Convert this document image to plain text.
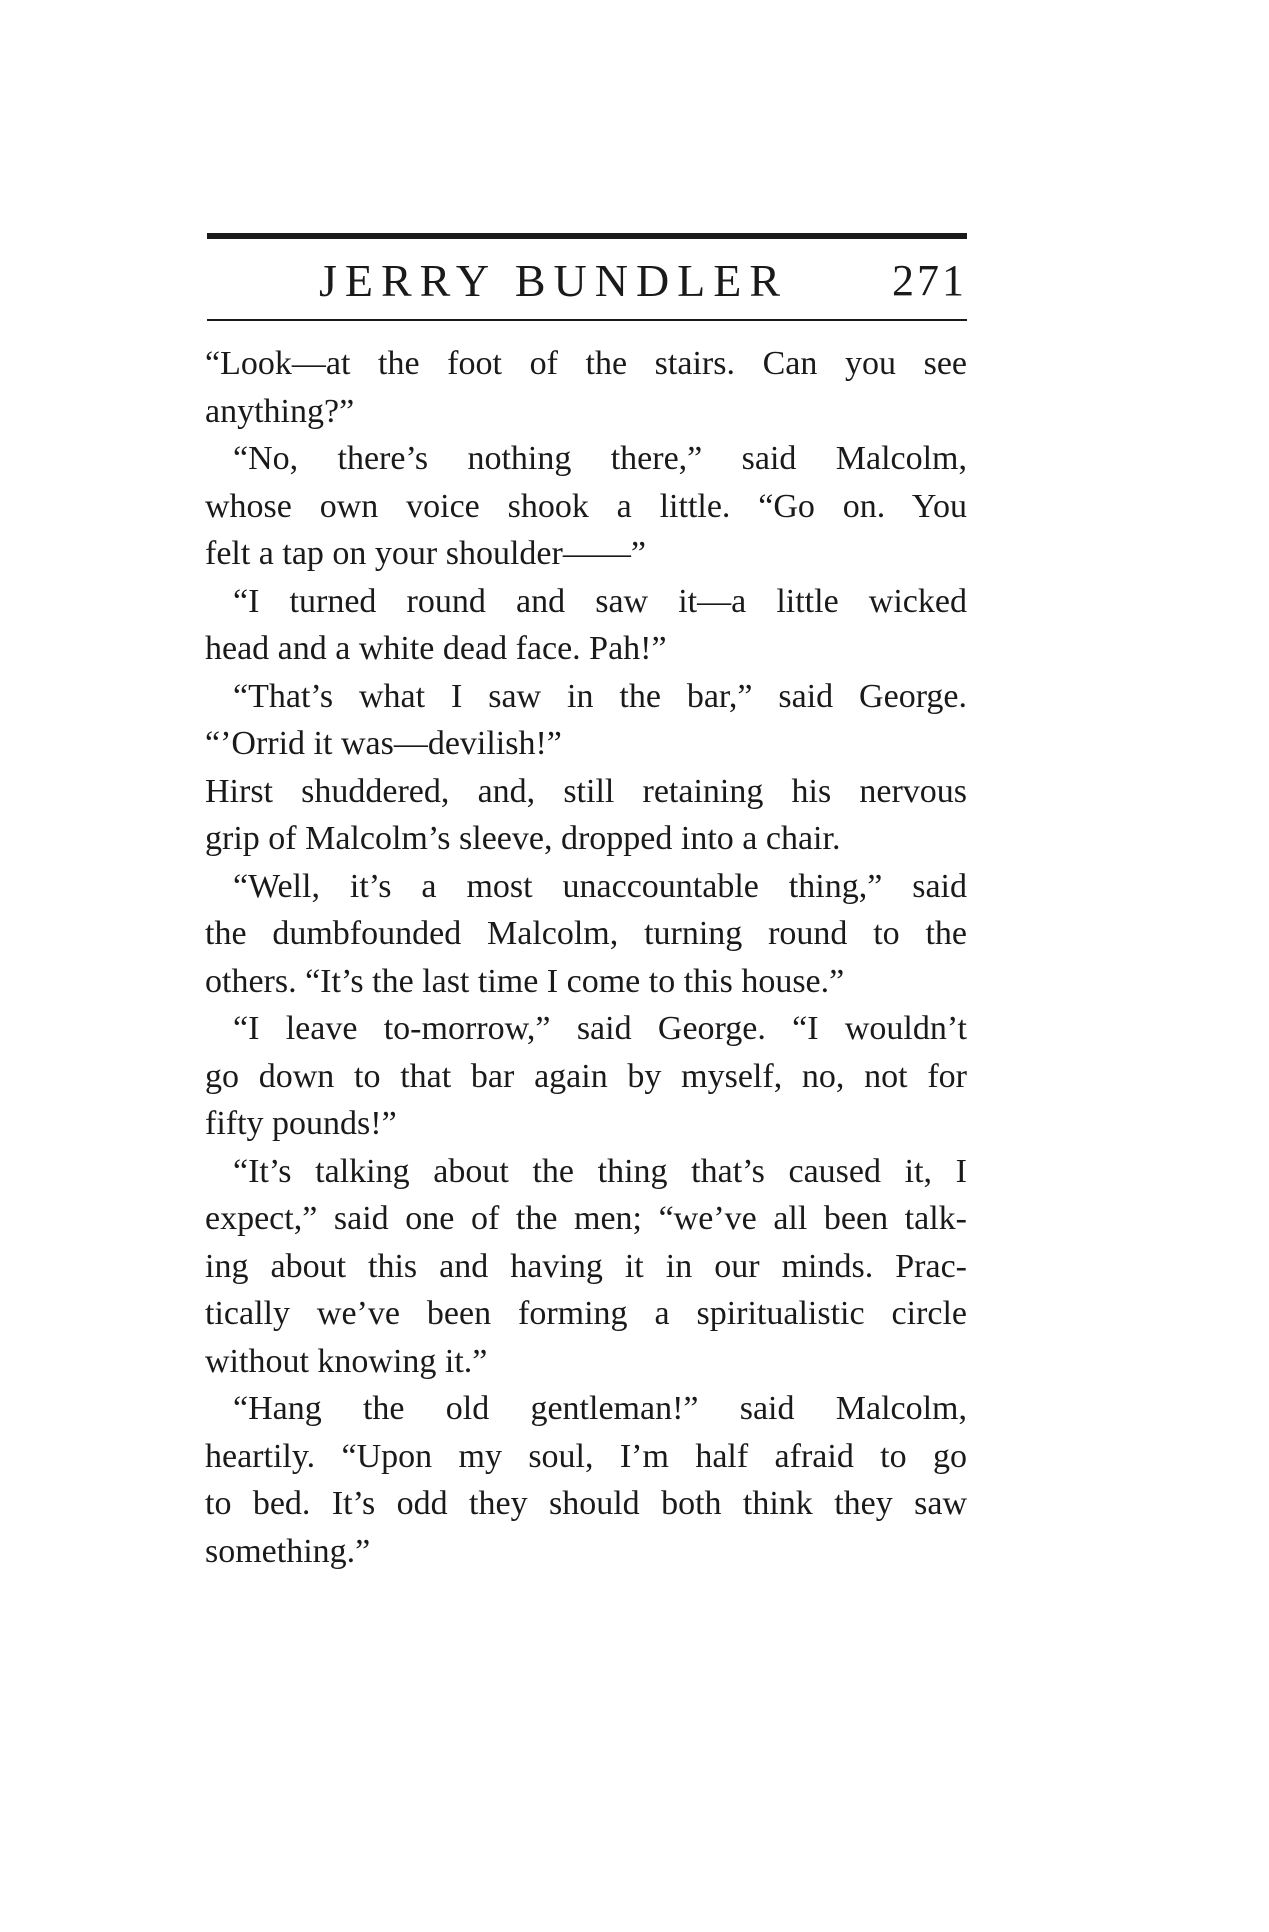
JERRY BUNDLER 271

“Look—at the foot of the stairs. Can you see
anything?”

“No, there’s nothing there,” said Malcolm,
whose own voice shook a little. “Go on. You
felt a tap on your shoulder——”

“I turned round and saw it—a little wicked
head and a white dead face. Pah!”

“That’s what I saw in the bar,” said George.
“’Orrid it was—devilish!”

Hirst shuddered, and, still retaining his nervous
grip of Malcolm’s sleeve, dropped into a chair.

“Well, it’s a most unaccountable thing,” said
the dumbfounded Malcolm, turning round to the
others. “It’s the last time I come to this house.”

“I leave to-morrow,” said George. “I wouldn’t
go down to that bar again by myself, no, not for
fifty pounds!”

“It’s talking about the thing that’s caused it, I
expect,” said one of the men; “we’ve all been talk-
ing about this and having it in our minds. Prac-
tically we’ve been forming a spiritualistic circle
without knowing it.”

“Hang the old gentleman!” said Malcolm,
heartily. “Upon my soul, I’m half afraid to go
to bed. It’s odd they should both think they saw
something.”
